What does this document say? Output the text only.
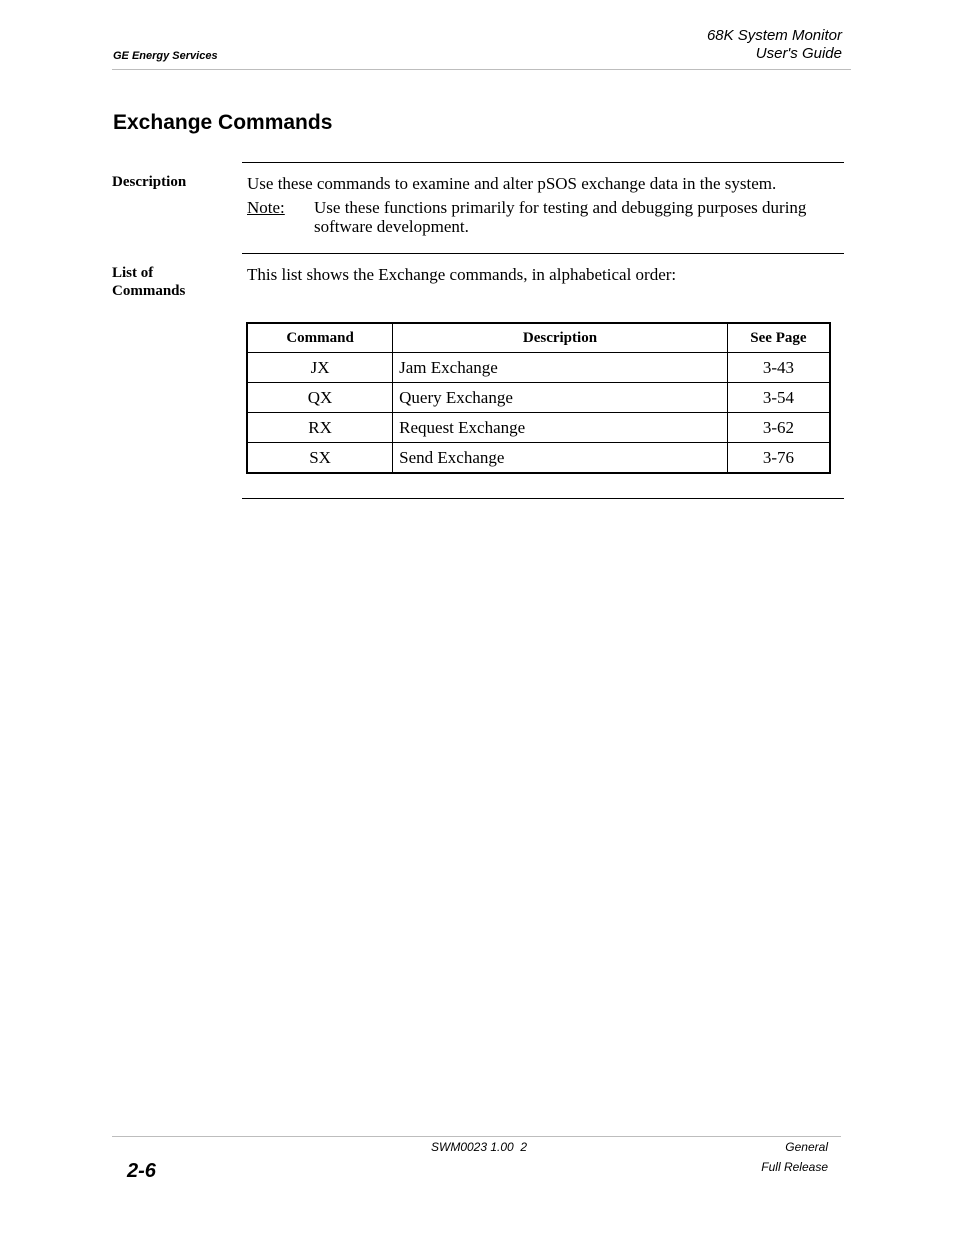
GE Energy Services
68K System Monitor
User's Guide
Exchange Commands
Description	Use these commands to examine and alter pSOS exchange data in the system.
Note: Use these functions primarily for testing and debugging purposes during software development.
List of
Commands
This list shows the Exchange commands, in alphabetical order:
Command	Description	See Page
JX	Jam Exchange	3-43
QX	Query Exchange	3-54
RX	Request Exchange	3-62
SX	Send Exchange	3-76
SWM0023 1.00  2	General
Full Release
2-6
